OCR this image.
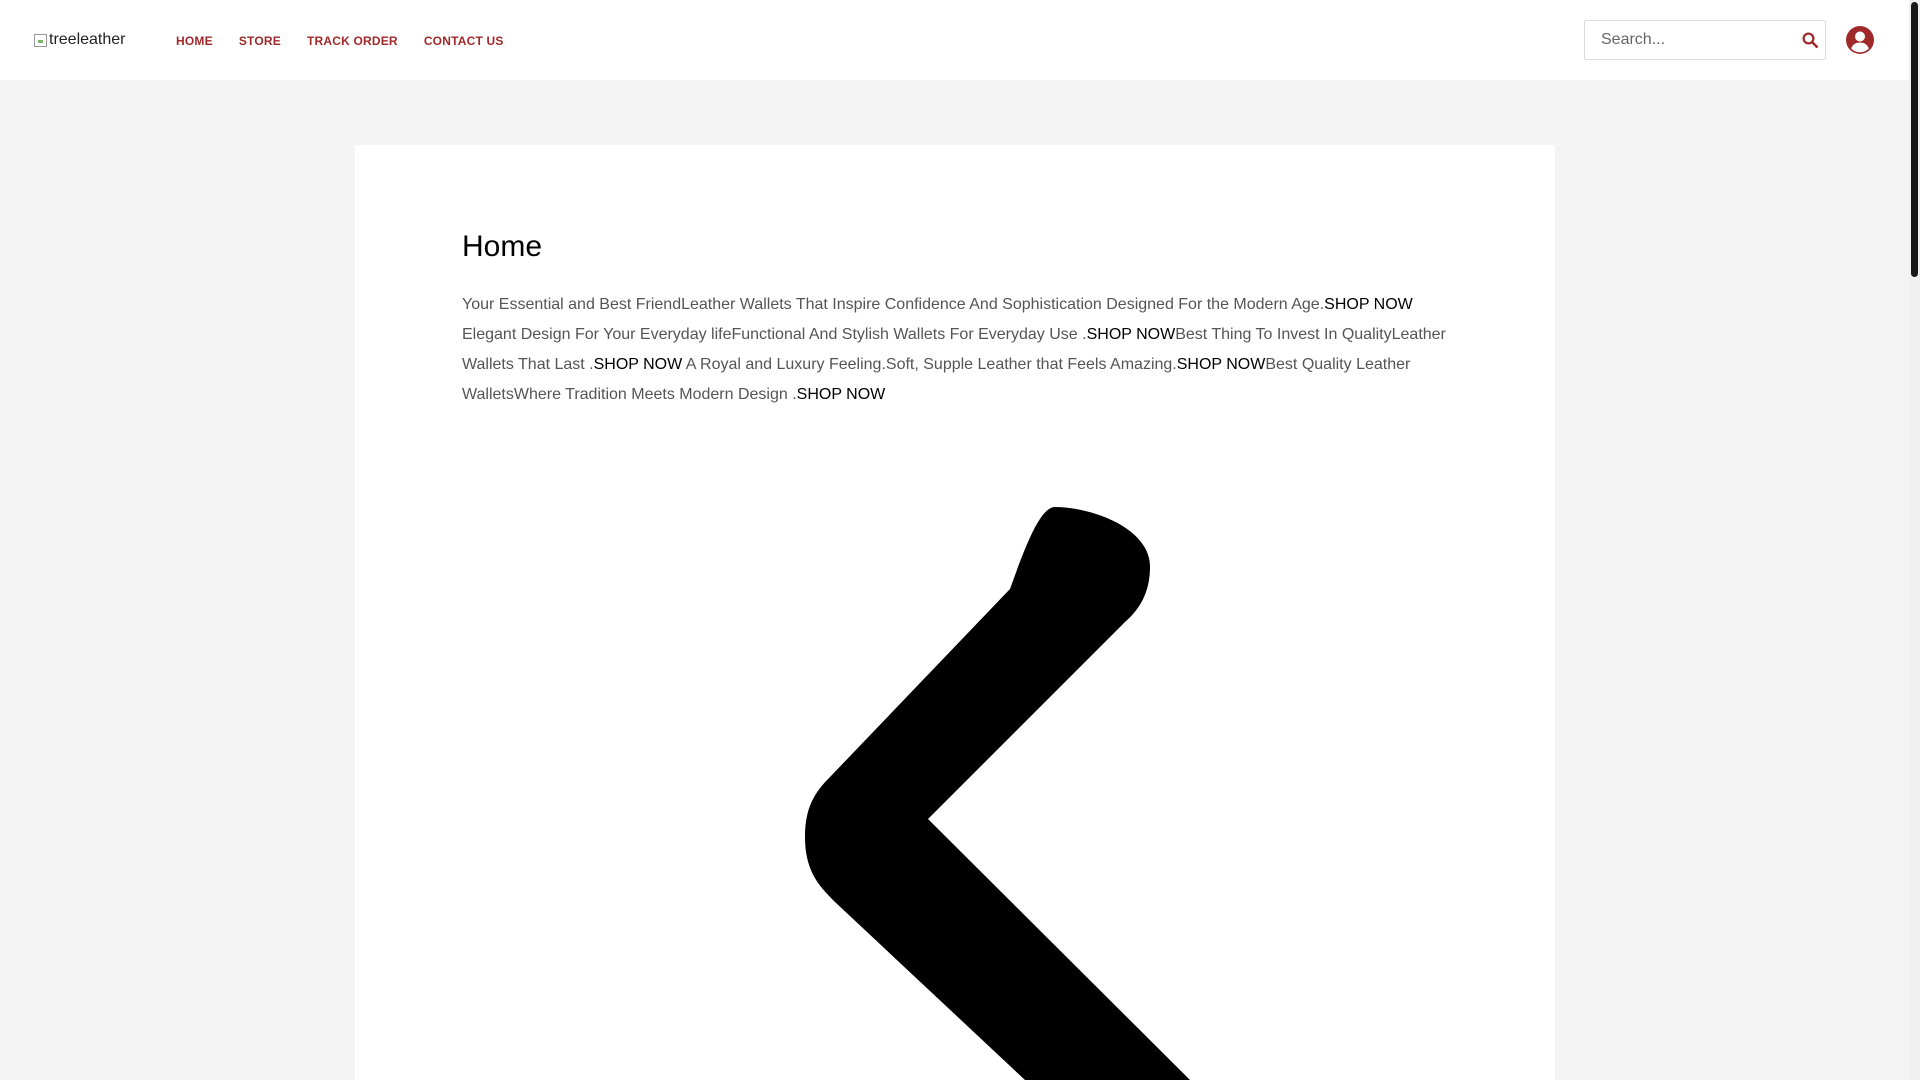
treeleather	HOME STORE TRACK ORDER CONTACT US
Search...
Home

Your Essential and Best FriendLeather Wallets That Inspire Confidence And Sophistication Designed For the Modern Age.SHOP NOW Elegant Design For Your Everyday lifeFunctional And Stylish Wallets For Everyday Use .SHOP NOWBest Thing To Invest In QualityLeather Wallets That Last .SHOP NOW A Royal and Luxury Feeling.Soft, Supple Leather that Feels Amazing.SHOP NOWBest Quality Leather WalletsWhere Tradition Meets Modern Design .SHOP NOW
